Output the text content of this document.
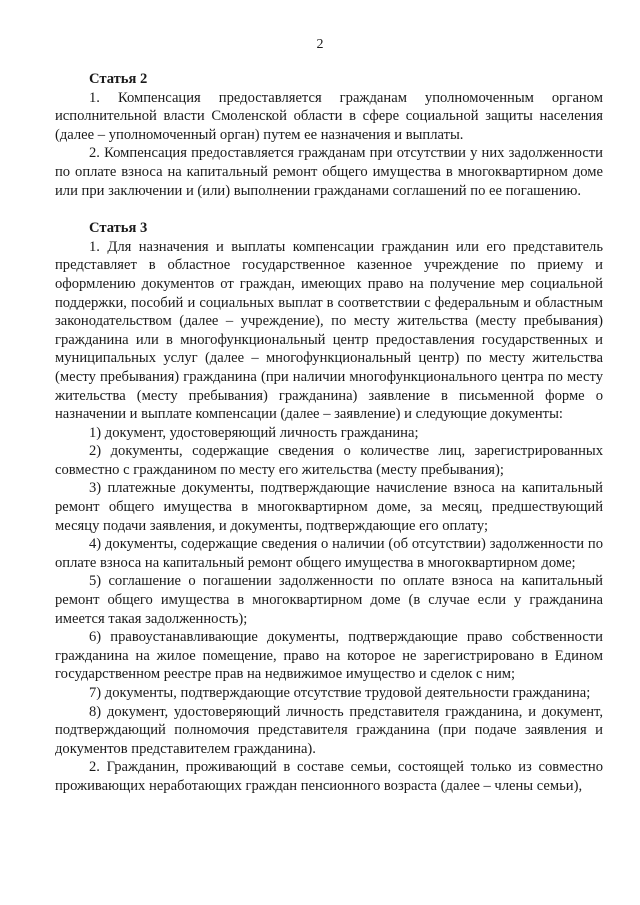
2

Статья 2

1. Компенсация предоставляется гражданам уполномоченным органом исполнительной власти Смоленской области в сфере социальной защиты населения (далее – уполномоченный орган) путем ее назначения и выплаты.

2. Компенсация предоставляется гражданам при отсутствии у них задолженности по оплате взноса на капитальный ремонт общего имущества в многоквартирном доме или при заключении и (или) выполнении гражданами соглашений по ее погашению.

Статья 3

1. Для назначения и выплаты компенсации гражданин или его представитель представляет в областное государственное казенное учреждение по приему и оформлению документов от граждан, имеющих право на получение мер социальной поддержки, пособий и социальных выплат в соответствии с федеральным и областным законодательством (далее – учреждение), по месту жительства (месту пребывания) гражданина или в многофункциональный центр предоставления государственных и муниципальных услуг (далее – многофункциональный центр) по месту жительства (месту пребывания) гражданина (при наличии многофункционального центра по месту жительства (месту пребывания) гражданина) заявление в письменной форме о назначении и выплате компенсации (далее – заявление) и следующие документы:

1) документ, удостоверяющий личность гражданина;

2) документы, содержащие сведения о количестве лиц, зарегистрированных совместно с гражданином по месту его жительства (месту пребывания);

3) платежные документы, подтверждающие начисление взноса на капитальный ремонт общего имущества в многоквартирном доме, за месяц, предшествующий месяцу подачи заявления, и документы, подтверждающие его оплату;

4) документы, содержащие сведения о наличии (об отсутствии) задолженности по оплате взноса на капитальный ремонт общего имущества в многоквартирном доме;

5) соглашение о погашении задолженности по оплате взноса на капитальный ремонт общего имущества в многоквартирном доме (в случае если у гражданина имеется такая задолженность);

6) правоустанавливающие документы, подтверждающие право собственности гражданина на жилое помещение, право на которое не зарегистрировано в Едином государственном реестре прав на недвижимое имущество и сделок с ним;

7) документы, подтверждающие отсутствие трудовой деятельности гражданина;

8) документ, удостоверяющий личность представителя гражданина, и документ, подтверждающий полномочия представителя гражданина (при подаче заявления и документов представителем гражданина).

2. Гражданин, проживающий в составе семьи, состоящей только из совместно проживающих неработающих граждан пенсионного возраста (далее – члены семьи),
